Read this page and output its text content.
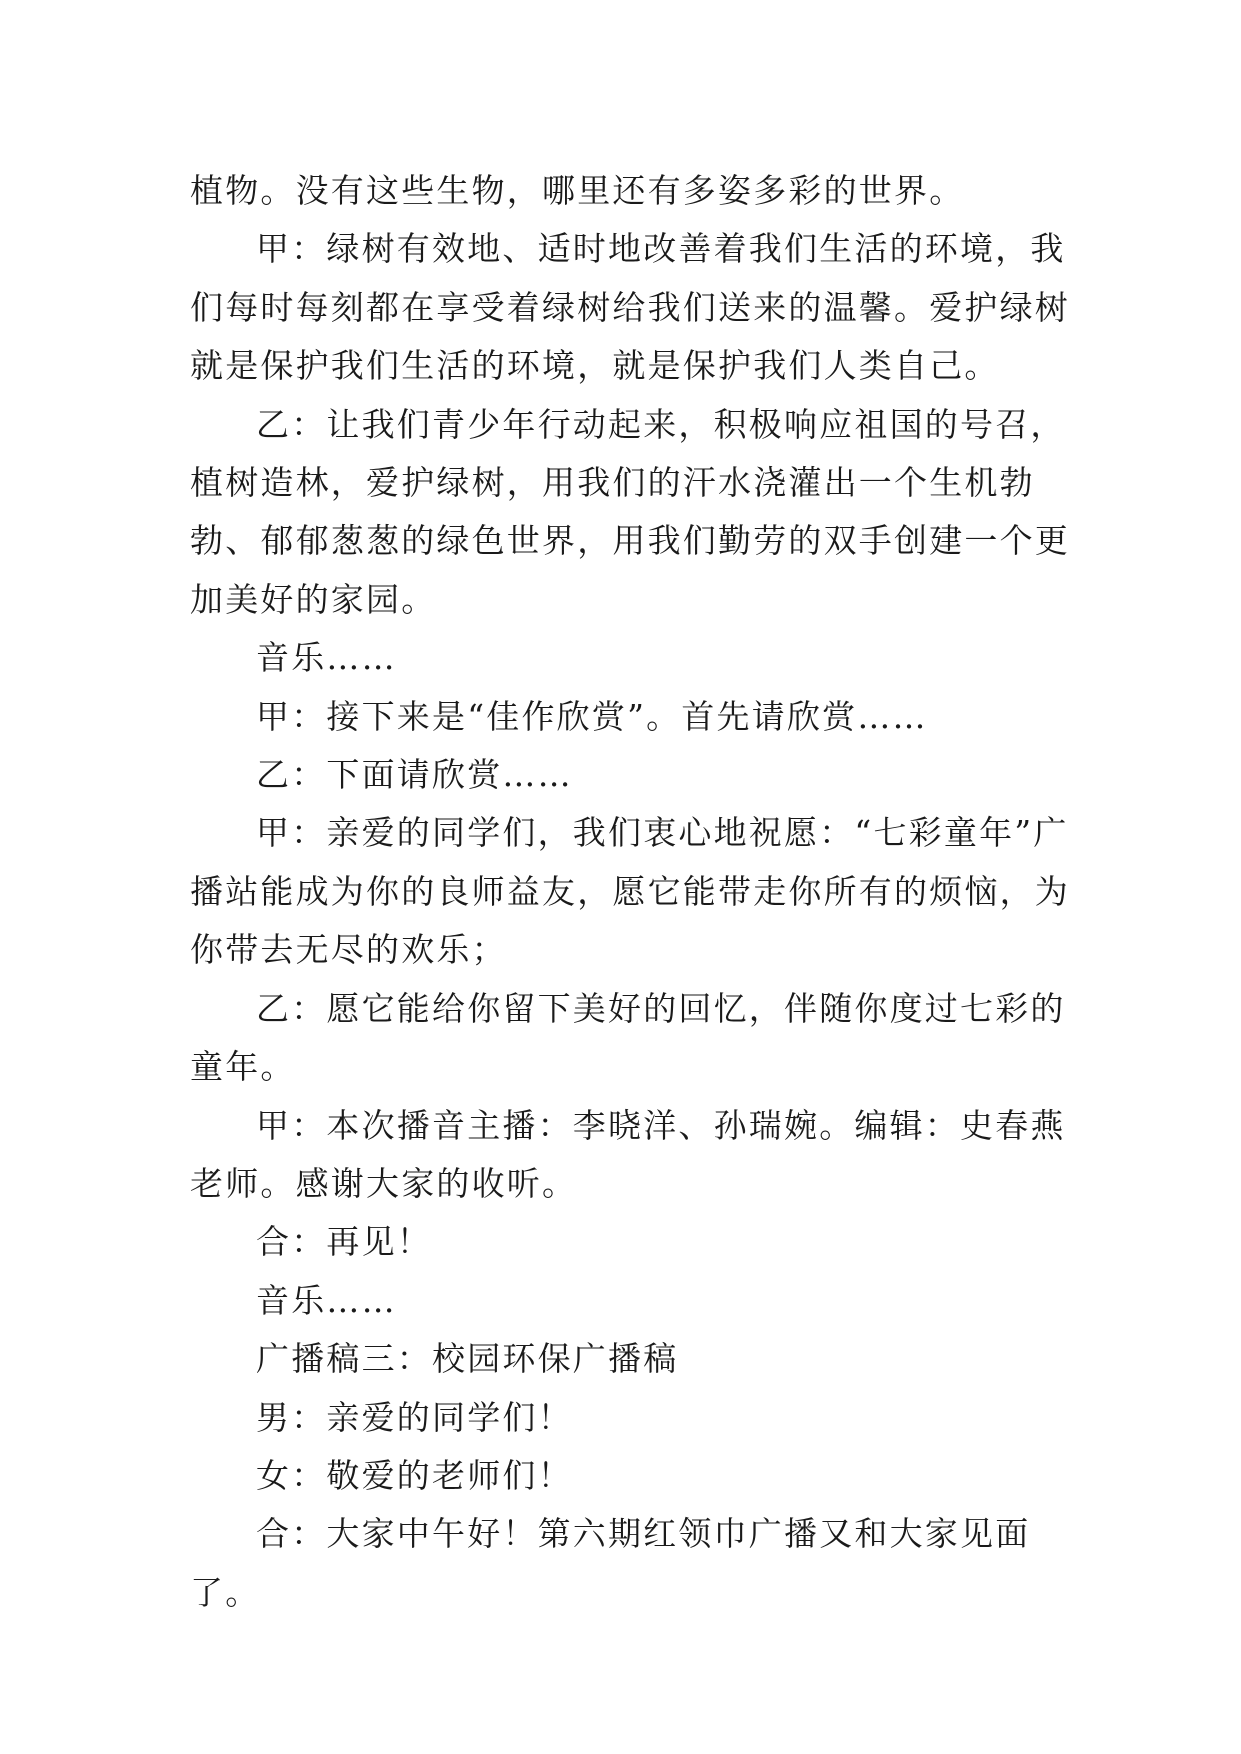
植物。没有这些生物，哪里还有多姿多彩的世界。

甲：绿树有效地、适时地改善着我们生活的环境，我们每时每刻都在享受着绿树给我们送来的温馨。爱护绿树就是保护我们生活的环境，就是保护我们人类自己。

乙：让我们青少年行动起来，积极响应祖国的号召，植树造林，爱护绿树，用我们的汗水浇灌出一个生机勃勃、郁郁葱葱的绿色世界，用我们勤劳的双手创建一个更加美好的家园。

音乐……

甲：接下来是“佳作欣赏”。首先请欣赏……

乙：下面请欣赏……

甲：亲爱的同学们，我们衷心地祝愿：“七彩童年”广播站能成为你的良师益友，愿它能带走你所有的烦恼，为你带去无尽的欢乐；

乙：愿它能给你留下美好的回忆，伴随你度过七彩的童年。

甲：本次播音主播：李晓洋、孙瑞婉。编辑：史春燕老师。感谢大家的收听。

合：再见！

音乐……

广播稿三：校园环保广播稿

男：亲爱的同学们！

女：敬爱的老师们！

合：大家中午好！第六期红领巾广播又和大家见面了。
